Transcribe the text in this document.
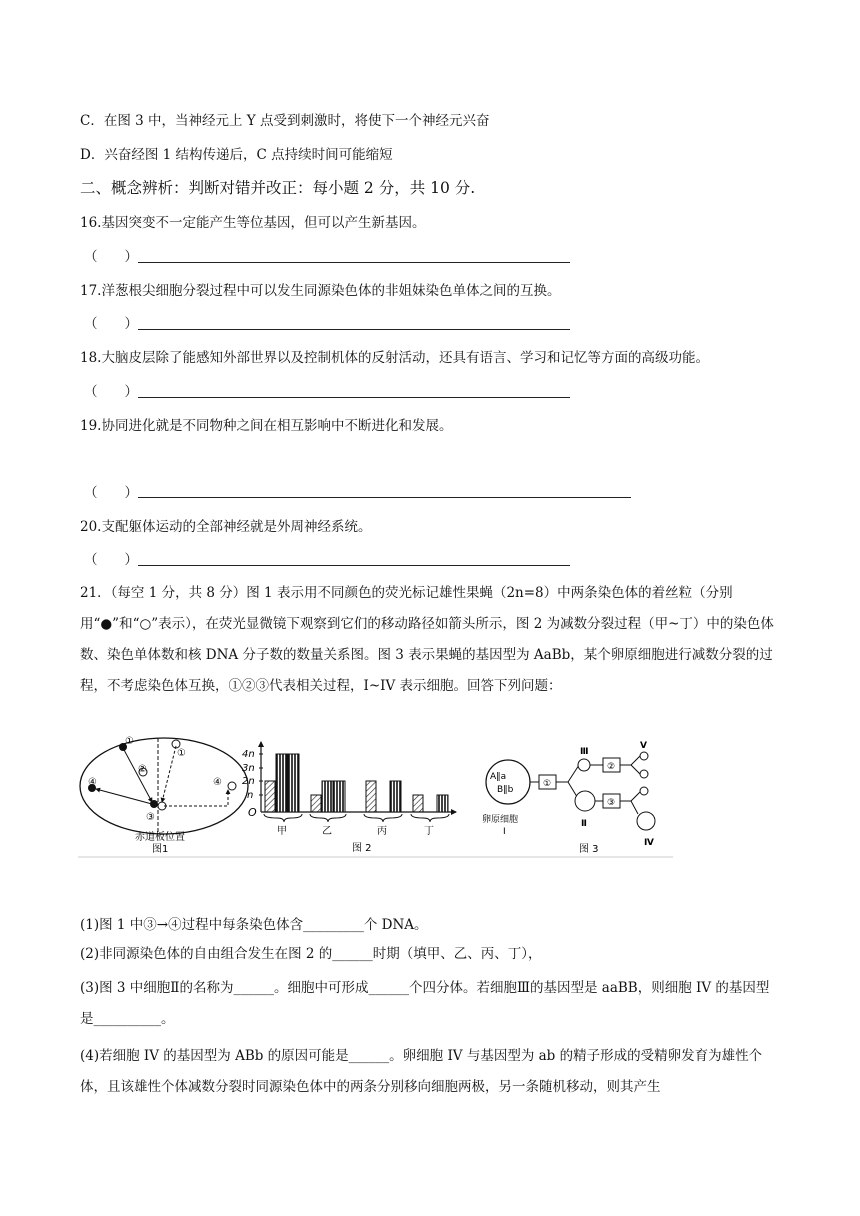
C．在图 3 中，当神经元上 Y 点受到刺激时，将使下一个神经元兴奋
D．兴奋经图 1 结构传递后，C 点持续时间可能缩短
二、概念辨析：判断对错并改正：每小题 2 分，共 10 分.
16.基因突变不一定能产生等位基因，但可以产生新基因。
（　　）
17.洋葱根尖细胞分裂过程中可以发生同源染色体的非姐妹染色单体之间的互换。
（　　）
18.大脑皮层除了能感知外部世界以及控制机体的反射活动，还具有语言、学习和记忆等方面的高级功能。
（　　）
19.协同进化就是不同物种之间在相互影响中不断进化和发展。
（　　）
20.支配躯体运动的全部神经就是外周神经系统。
（　　）
21．（每空 1 分，共 8 分）图 1 表示用不同颜色的荧光标记雄性果蝇（2n=8）中两条染色体的着丝粒（分别用“●”和“○”表示），在荧光显微镜下观察到它们的移动路径如箭头所示，图 2 为减数分裂过程（甲~丁）中的染色体数、染色单体数和核 DNA 分子数的数量关系图。图 3 表示果蝇的基因型为 AaBb，某个卵原细胞进行减数分裂的过程，不考虑染色体互换，①②③代表相关过程，I~IV 表示细胞。回答下列问题：
①
②
③
④
①
④
赤道板位置
图1
4n
3n
2n
n
O
甲	乙	丙	丁
图 2
A‖a
B‖b
卵原细胞
Ⅰ
①
Ⅲ
Ⅱ
②
Ⅴ
③
Ⅳ
图 3
(1)图 1 中③→④过程中每条染色体含_________个 DNA。
(2)非同源染色体的自由组合发生在图 2 的______时期（填甲、乙、丙、丁），
(3)图 3 中细胞Ⅱ的名称为______。细胞中可形成______个四分体。若细胞Ⅲ的基因型是 aaBB，则细胞 IV 的基因型是__________。
(4)若细胞 IV 的基因型为 ABb 的原因可能是______。卵细胞 IV 与基因型为 ab 的精子形成的受精卵发育为雄性个体，且该雄性个体减数分裂时同源染色体中的两条分别移向细胞两极，另一条随机移动，则其产生
